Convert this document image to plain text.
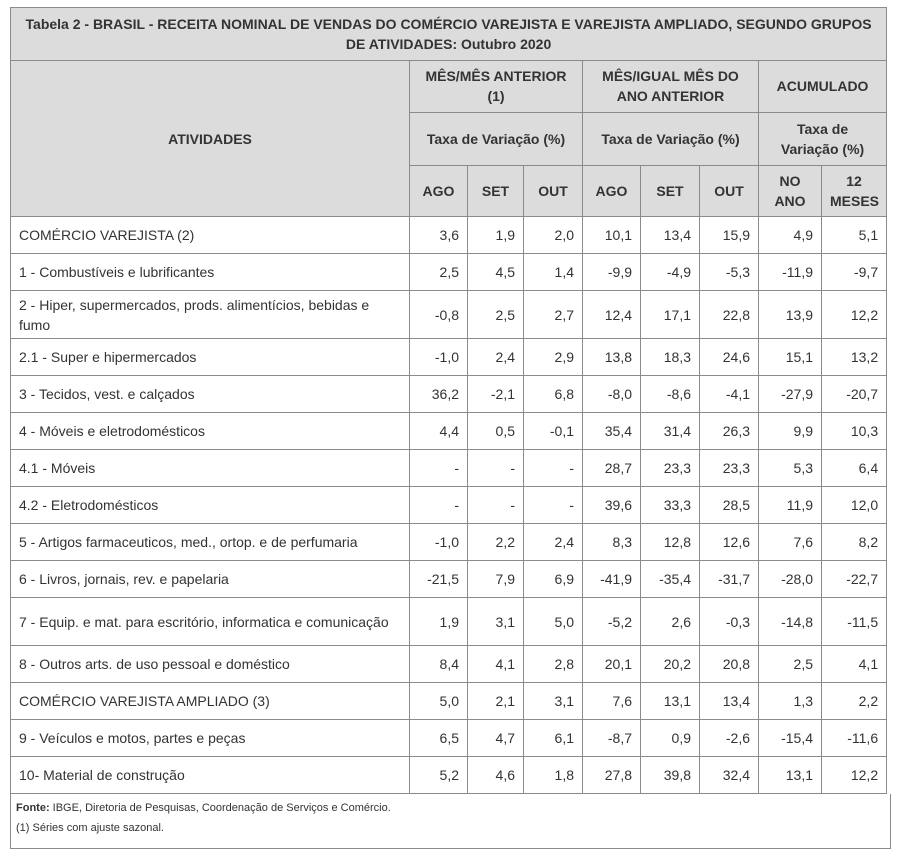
Tabela 2 - BRASIL - RECEITA NOMINAL DE VENDAS DO COMÉRCIO VAREJISTA E VAREJISTA AMPLIADO, SEGUNDO GRUPOS DE ATIVIDADES: Outubro 2020								
ATIVIDADES	MÊS/MÊS ANTERIOR (1)			MÊS/IGUAL MÊS DO ANO ANTERIOR			ACUMULADO	
	Taxa de Variação (%)			Taxa de Variação (%)			Taxa de Variação (%)	
	AGO	SET	OUT	AGO	SET	OUT	NO ANO	12 MESES
COMÉRCIO VAREJISTA (2)	3,6	1,9	2,0	10,1	13,4	15,9	4,9	5,1
1 - Combustíveis e lubrificantes	2,5	4,5	1,4	-9,9	-4,9	-5,3	-11,9	-9,7
2 - Hiper, supermercados, prods. alimentícios, bebidas e fumo	-0,8	2,5	2,7	12,4	17,1	22,8	13,9	12,2
2.1 - Super e hipermercados	-1,0	2,4	2,9	13,8	18,3	24,6	15,1	13,2
3 - Tecidos, vest. e calçados	36,2	-2,1	6,8	-8,0	-8,6	-4,1	-27,9	-20,7
4 - Móveis e eletrodomésticos	4,4	0,5	-0,1	35,4	31,4	26,3	9,9	10,3
4.1 - Móveis	-	-	-	28,7	23,3	23,3	5,3	6,4
4.2 - Eletrodomésticos	-	-	-	39,6	33,3	28,5	11,9	12,0
5 - Artigos farmaceuticos, med., ortop. e de perfumaria	-1,0	2,2	2,4	8,3	12,8	12,6	7,6	8,2
6 - Livros, jornais, rev. e papelaria	-21,5	7,9	6,9	-41,9	-35,4	-31,7	-28,0	-22,7
7 - Equip. e mat. para escritório, informatica e comunicação	1,9	3,1	5,0	-5,2	2,6	-0,3	-14,8	-11,5
8 - Outros arts. de uso pessoal e doméstico	8,4	4,1	2,8	20,1	20,2	20,8	2,5	4,1
COMÉRCIO VAREJISTA AMPLIADO (3)	5,0	2,1	3,1	7,6	13,1	13,4	1,3	2,2
9 - Veículos e motos, partes e peças	6,5	4,7	6,1	-8,7	0,9	-2,6	-15,4	-11,6
10- Material de construção	5,2	4,6	1,8	27,8	39,8	32,4	13,1	12,2
Fonte: IBGE, Diretoria de Pesquisas, Coordenação de Serviços e Comércio.
(1) Séries com ajuste sazonal.
